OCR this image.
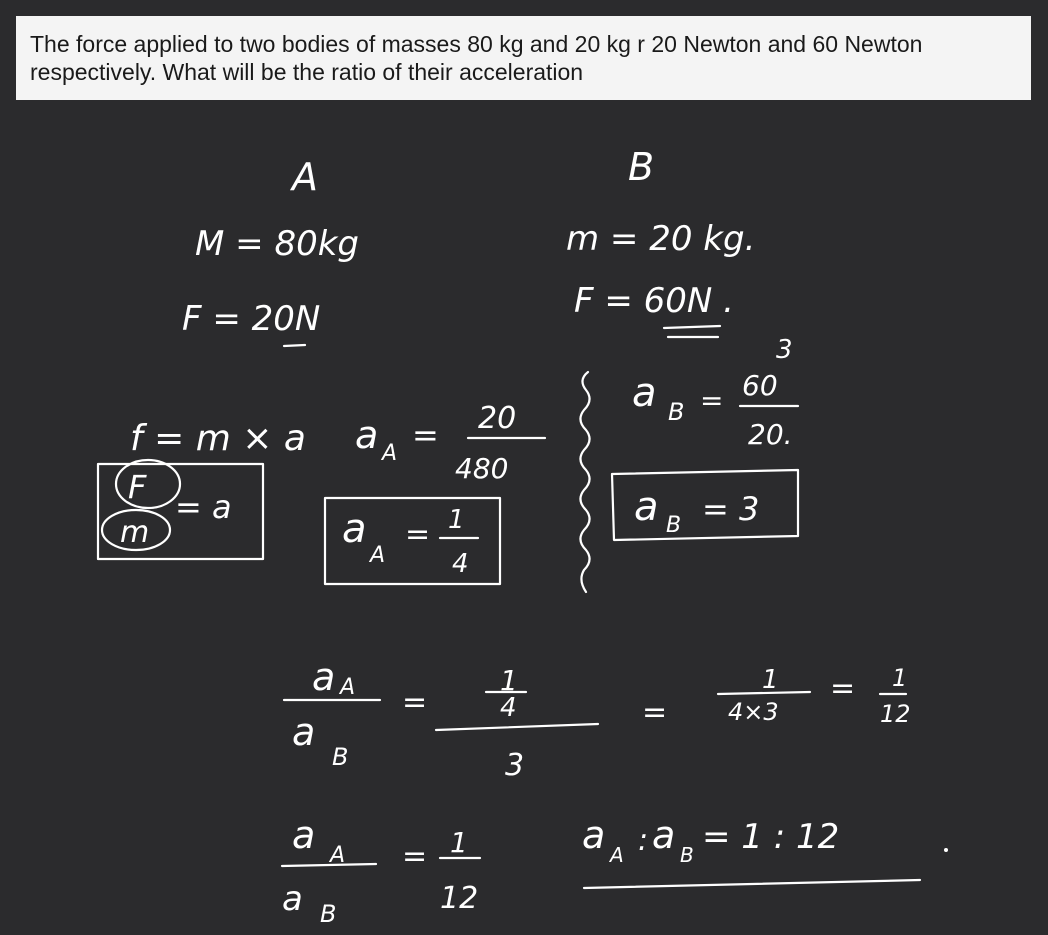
The force applied to two bodies of masses 80 kg and 20 kg r 20 Newton and 60 Newton respectively. What will be the ratio of their acceleration
A
M = 80kg
F = 20N
B
m = 20 kg.
F = 60N .
f = m × a
F
m
= a
a A = 20
480
a
A
= 1
4
a B =
3
60
20.
a B = 3
a A
a
B
=
1
4
3
=
1
4×3
= 1
12
a A
a B
= 1
12
a A : a B = 1 : 12
